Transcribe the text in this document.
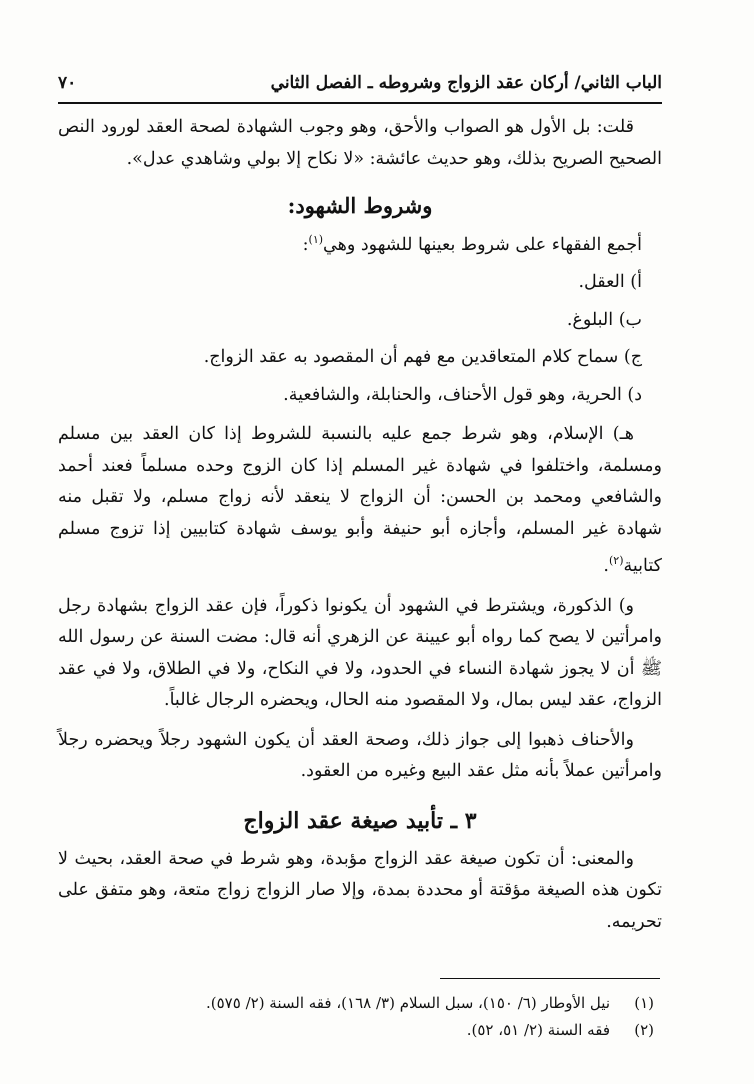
الباب الثاني/ أركان عقد الزواج وشروطه ـ الفصل الثاني
٧٠

قلت: بل الأول هو الصواب والأحق، وهو وجوب الشهادة لصحة العقد لورود النص الصحيح الصريح بذلك، وهو حديث عائشة: «لا نكاح إلا بولي وشاهدي عدل».

وشروط الشهود:

أجمع الفقهاء على شروط بعينها للشهود وهي$^{(١)}$:

أ) العقل.

ب) البلوغ.

ج) سماح كلام المتعاقدين مع فهم أن المقصود به عقد الزواج.

د) الحرية، وهو قول الأحناف، والحنابلة، والشافعية.

هـ) الإسلام، وهو شرط جمع عليه بالنسبة للشروط إذا كان العقد بين مسلم ومسلمة، واختلفوا في شهادة غير المسلم إذا كان الزوج وحده مسلماً فعند أحمد والشافعي ومحمد بن الحسن: أن الزواج لا ينعقد لأنه زواج مسلم، ولا تقبل منه شهادة غير المسلم، وأجازه أبو حنيفة وأبو يوسف شهادة كتابيين إذا تزوج مسلم كتابية$^{(٢)}$.

و) الذكورة، ويشترط في الشهود أن يكونوا ذكوراً، فإن عقد الزواج بشهادة رجل وامرأتين لا يصح كما رواه أبو عيينة عن الزهري أنه قال: مضت السنة عن رسول الله ﷺ أن لا يجوز شهادة النساء في الحدود، ولا في النكاح، ولا في الطلاق، ولا في عقد الزواج، عقد ليس بمال، ولا المقصود منه الحال، ويحضره الرجال غالباً.

والأحناف ذهبوا إلى جواز ذلك، وصحة العقد أن يكون الشهود رجلاً ويحضره رجلاً وامرأتين عملاً بأنه مثل عقد البيع وغيره من العقود.

٣ ـ تأبيد صيغة عقد الزواج

والمعنى: أن تكون صيغة عقد الزواج مؤبدة، وهو شرط في صحة العقد، بحيث لا تكون هذه الصيغة مؤقتة أو محددة بمدة، وإلا صار الزواج زواج متعة، وهو متفق على تحريمه.

(١)
نيل الأوطار (٦/ ١٥٠)، سبل السلام (٣/ ١٦٨)، فقه السنة (٢/ ٥٧٥).
(٢)
فقه السنة (٢/ ٥١، ٥٢).
